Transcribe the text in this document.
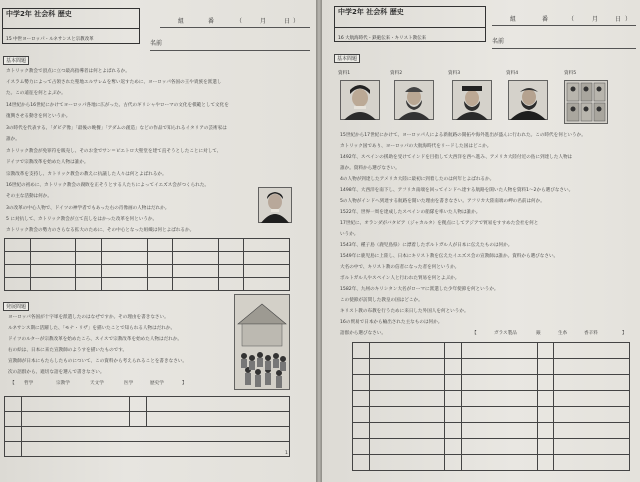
中学2年 社会科 歴史
15 中世ヨーロッパ・ルネサンスと宗教改革
組	番	（	月	日 ）
名前
基本問題
カトリック教会で頂点に立つ最高指導者は何とよばれるか。
イスラム勢力によって占領された聖地エルサレムを奪い返すために、ヨーロッパ各国の王や貴族を派遣し
た。この遠征を何とよぶか。
14世紀から16世紀にかけてヨーロッパ各地に広がった、古代のギリシャやローマの文化を模範として文化を
復興させる動きを何というか。
3の時代を代表する、「ダビデ像」「最後の晩餐」「アダムの創造」などの作品で知られるイタリアの芸術家は
誰か。
カトリック教会が免罪符を販売し、そのお金でサン＝ピエトロ大聖堂を建て直そうとしたことに対して、
ドイツで宗教改革を始めた人物は誰か。
宗教改革を支持し、カトリック教会の教えに抗議した人々は何とよばれるか。
16世紀の初めに、カトリック教会の腐敗を正そうとする人たちによってイエズス会がつくられた。
その主な活動は何か。
3の改革の中心人物で、ドイツの神学者でもあった右の肖像画の人物はだれか。
5 に対抗して、カトリック教会が立て直しをはかった改革を何というか。
カトリック教会の勢力のさらなる拡大のために、その中心となった組織は何とよばれるか。

発展問題
ヨーロッパ各国が十字軍を派遣したのはなぜですか。その理由を書きなさい。
ルネサンス期に活躍した、「モナ・リザ」を描いたことで知られる人物はだれか。
ドイツのルターが宗教改革を始めたころ、スイスで宗教改革を始めた人物はだれか。
右の絵は、日本に来た宣教師のようすを描いたものです。
宣教師が日本にもたらしたものについて、この資料から考えられることを書きなさい。
次の語群から、適切な語を選んで書きなさい。
【 哲学	宗教学	天文学	医学	歴史学	】

1
中学2年 社会科 歴史
16 大航海時代・鉄砲伝来・キリスト教伝来
組	番	（	月	日 ）
名前
基本問題
資料1	資料2	資料3	資料4	資料5
15世紀から17世紀にかけて、ヨーロッパ人による新航路の開拓や海外進出が盛んに行われた。この時代を何というか。
カトリック国であり、ヨーロッパの大航海時代をリードした国はどこか。
1492年、スペインの援助を受けてインドを目指して大西洋を西へ進み、アメリカ大陸付近の島に到達した人物は
誰か。資料から選びなさい。
4の人物が到達したアメリカ大陸に最初に到着したのは何年とよばれるか。
1498年、大西洋を南下し、アフリカ南端を回ってインドへ達する航路を開いた人物を資料1〜2から選びなさい。
5の人物がインドへ到達する航路を開いた理由を書きなさい。アフリカ大陸南端の岬の名前は何か。
1522年、世界一周を達成したスペインの船隊を率いた人物は誰か。
17世紀に、オランダがバタビア（ジャカルタ）を拠点にしてアジアで貿易をすすめた会社を何と
いうか。
1543年、種子島（鹿児島県）に漂着したポルトガル人が日本に伝えたものは何か。
1549年に鹿児島に上陸し、日本にキリスト教を伝えたイエズス会の宣教師は誰か。資料から選びなさい。
大名の中で、キリスト教の信者になった者を何というか。
ポルトガル人やスペイン人と行われた貿易を何とよぶか。
1582年、九州のキリシタン大名がローマに派遣した少年使節を何というか。
この使節が訪問した教皇の国はどこか。
キリスト教の布教を行うために来日した外国人を何というか。
16の貿易で日本から輸出された主なものは何か。
語群から選びなさい。	【	ガラス製品	銀	生糸	香辛料	】
